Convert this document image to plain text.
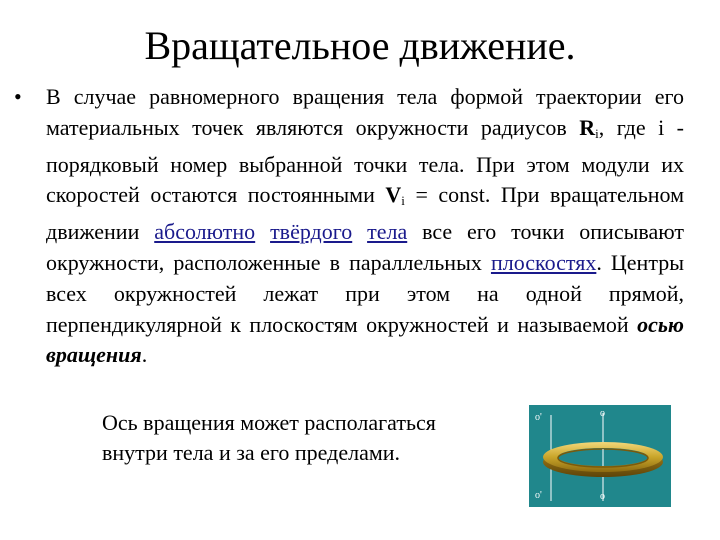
Вращательное движение.
• В случае равномерного вращения тела формой траектории его материальных точек являются окружности радиусов $R_i$, где i - порядковый номер выбранной точки тела. При этом модули их скоростей остаются постоянными $V_i$ = const. При вращательном движении абсолютно твёрдого тела все его точки описывают окружности, расположенные в параллельных плоскостях. Центры всех окружностей лежат при этом на одной прямой, перпендикулярной к плоскостям окружностей и называемой осью вращения.
Ось вращения может располагаться внутри тела и за его пределами.
o'
o'
o
o
